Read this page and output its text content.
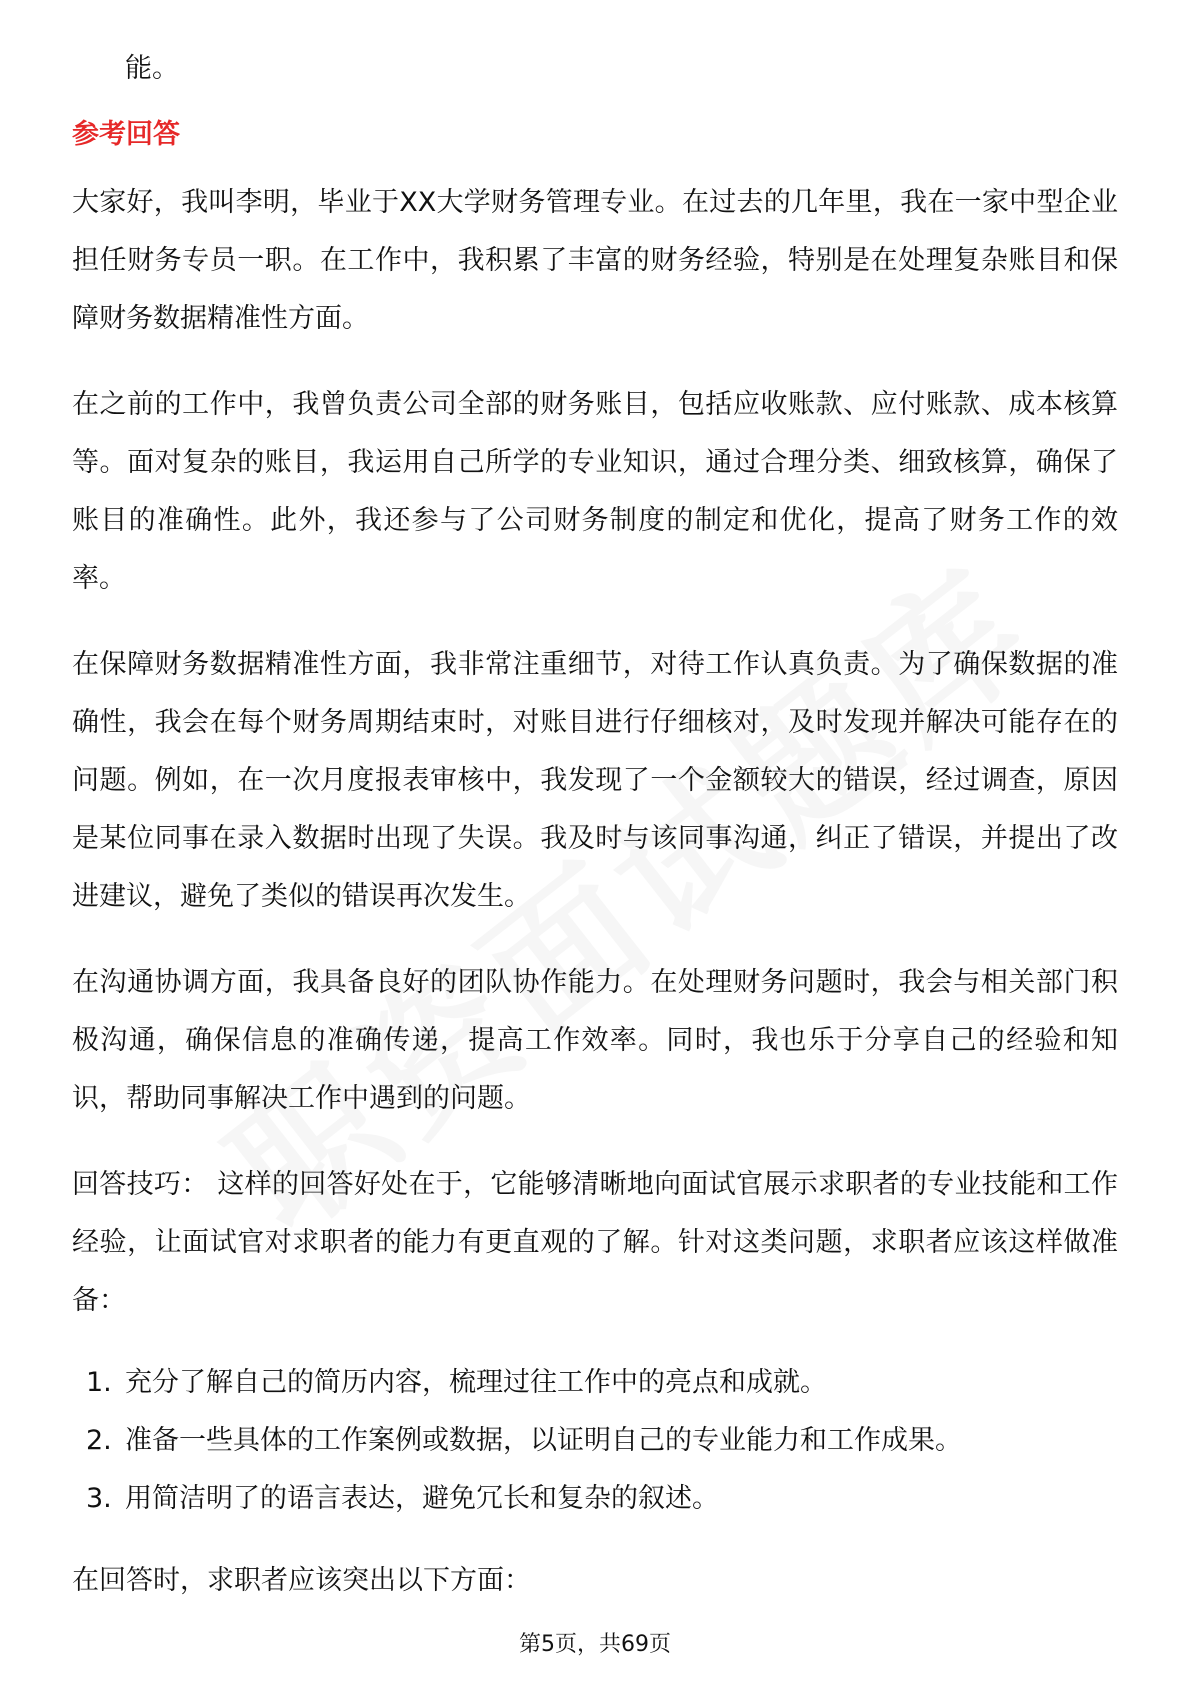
能。

参考回答

大家好，我叫李明，毕业于XX大学财务管理专业。在过去的几年里，我在一家中型企业担任财务专员一职。在工作中，我积累了丰富的财务经验，特别是在处理复杂账目和保障财务数据精准性方面。

在之前的工作中，我曾负责公司全部的财务账目，包括应收账款、应付账款、成本核算等。面对复杂的账目，我运用自己所学的专业知识，通过合理分类、细致核算，确保了账目的准确性。此外，我还参与了公司财务制度的制定和优化，提高了财务工作的效率。

在保障财务数据精准性方面，我非常注重细节，对待工作认真负责。为了确保数据的准确性，我会在每个财务周期结束时，对账目进行仔细核对，及时发现并解决可能存在的问题。例如，在一次月度报表审核中，我发现了一个金额较大的错误，经过调查，原因是某位同事在录入数据时出现了失误。我及时与该同事沟通，纠正了错误，并提出了改进建议，避免了类似的错误再次发生。

在沟通协调方面，我具备良好的团队协作能力。在处理财务问题时，我会与相关部门积极沟通，确保信息的准确传递，提高工作效率。同时，我也乐于分享自己的经验和知识，帮助同事解决工作中遇到的问题。

回答技巧： 这样的回答好处在于，它能够清晰地向面试官展示求职者的专业技能和工作经验，让面试官对求职者的能力有更直观的了解。针对这类问题，求职者应该这样做准备：

1. 充分了解自己的简历内容，梳理过往工作中的亮点和成就。
2. 准备一些具体的工作案例或数据，以证明自己的专业能力和工作成果。
3. 用简洁明了的语言表达，避免冗长和复杂的叙述。

在回答时，求职者应该突出以下方面：

第5页，共69页
